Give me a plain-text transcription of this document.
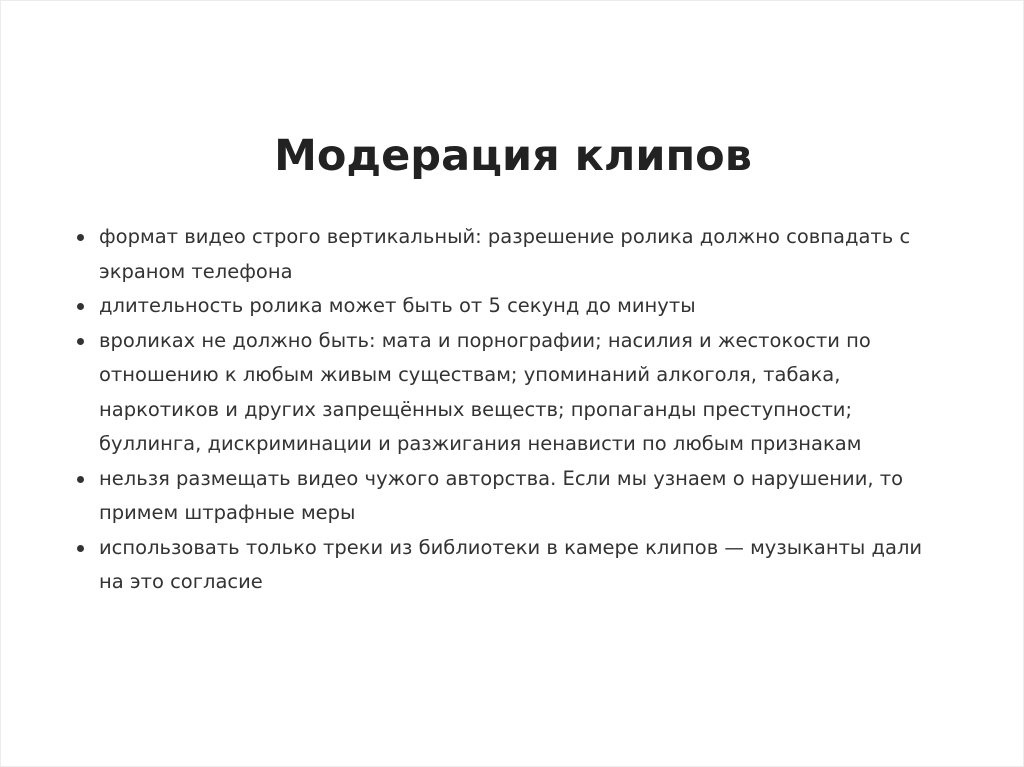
Модерация клипов
формат видео строго вертикальный: разрешение ролика должно совпадать с
экраном телефона
длительность ролика может быть от 5 секунд до минуты
вроликах не должно быть: мата и порнографии; насилия и жестокости по
отношению к любым живым существам; упоминаний алкоголя, табака,
наркотиков и других запрещённых веществ; пропаганды преступности;
буллинга, дискриминации и разжигания ненависти по любым признакам
нельзя размещать видео чужого авторства. Если мы узнаем о нарушении, то
примем штрафные меры
использовать только треки из библиотеки в камере клипов — музыканты дали
на это согласие
